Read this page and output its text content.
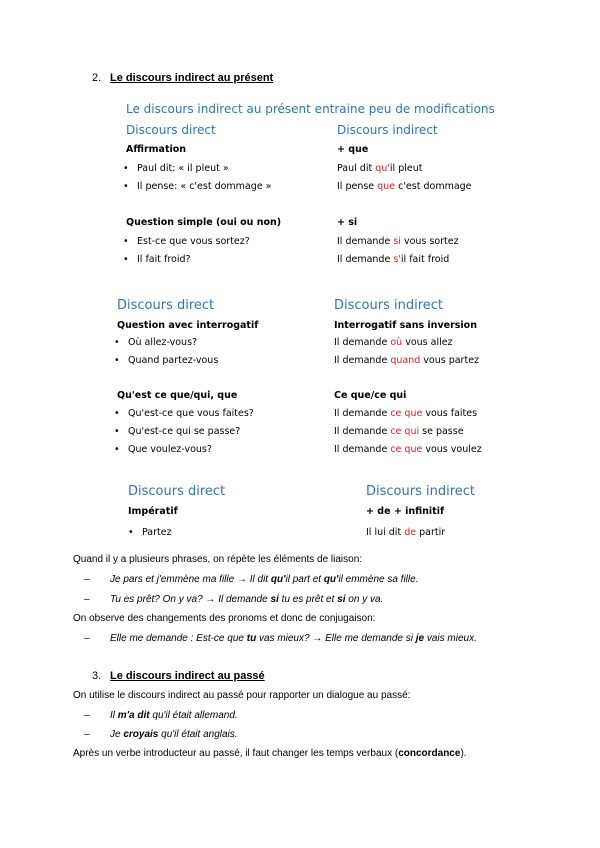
2. Le discours indirect au présent
Le discours indirect au présent entraine peu de modifications
Discours direct	Discours indirect
Affirmation	+ que
• Paul dit: « il pleut »	Paul dit qu'il pleut
• Il pense: « c'est dommage »	Il pense que c'est dommage
Question simple (oui ou non)	+ si
• Est-ce que vous sortez?	Il demande si vous sortez
• Il fait froid?	Il demande s'il fait froid
Discours direct	Discours indirect
Question avec interrogatif	Interrogatif sans inversion
• Où allez-vous?	Il demande où vous allez
• Quand partez-vous	Il demande quand vous partez
Qu'est ce que/qui, que	Ce que/ce qui
• Qu'est-ce que vous faites?	Il demande ce que vous faites
• Qu'est-ce qui se passe?	Il demande ce qui se passe
• Que voulez-vous?	Il demande ce que vous voulez
Discours direct	Discours indirect
Impératif	+ de + infinitif
• Partez	Il lui dit de partir
Quand il y a plusieurs phrases, on répète les éléments de liaison:
– Je pars et j'emmène ma fille → Il dit qu'il part et qu'il emmène sa fille.
– Tu es prêt? On y va? → Il demande si tu es prêt et si on y va.
On observe des changements des pronoms et donc de conjugaison:
– Elle me demande : Est-ce que tu vas mieux? → Elle me demande si je vais mieux.
3. Le discours indirect au passé
On utilise le discours indirect au passé pour rapporter un dialogue au passé:
– Il m'a dit qu'il était allemand.
– Je croyais qu'il était anglais.
Après un verbe introducteur au passé, il faut changer les temps verbaux (concordance).
